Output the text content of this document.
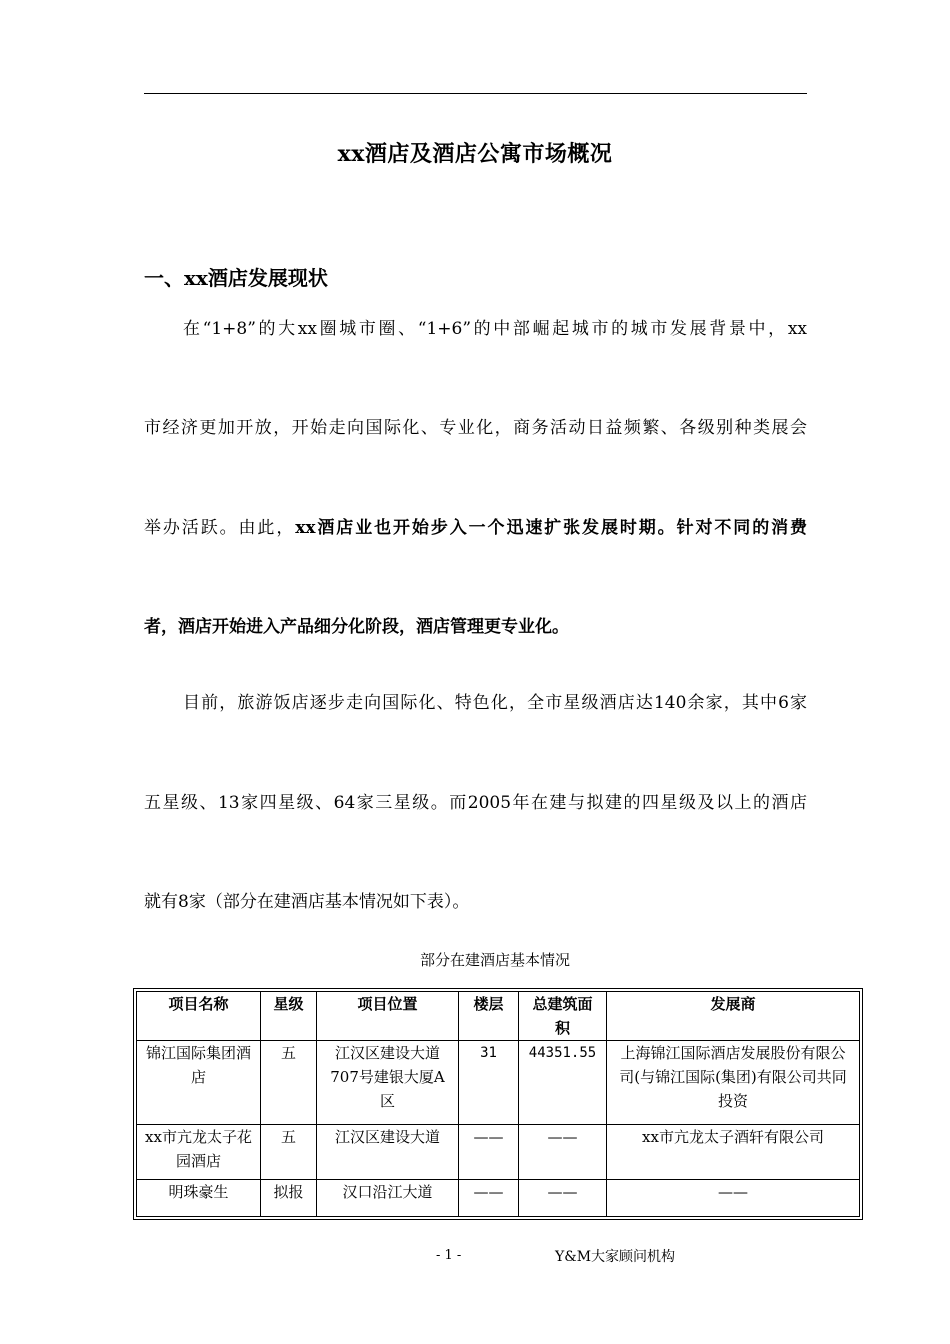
xx酒店及酒店公寓市场概况
一、xx酒店发展现状
在“1+8”的大xx圈城市圈、“1+6”的中部崛起城市的城市发展背景中，xx
市经济更加开放，开始走向国际化、专业化，商务活动日益频繁、各级别种类展会
举办活跃。由此，xx酒店业也开始步入一个迅速扩张发展时期。针对不同的消费
者，酒店开始进入产品细分化阶段，酒店管理更专业化。
目前，旅游饭店逐步走向国际化、特色化，全市星级酒店达140余家，其中6家
五星级、13家四星级、64家三星级。而2005年在建与拟建的四星级及以上的酒店
就有8家（部分在建酒店基本情况如下表）。
部分在建酒店基本情况
项目名称	星级	项目位置	楼层	总建筑面积	发展商
锦江国际集团酒店	五	江汉区建设大道707号建银大厦A区	31	44351.55	上海锦江国际酒店发展股份有限公司(与锦江国际(集团)有限公司共同投资
xx市亢龙太子花园酒店	五	江汉区建设大道	——	——	xx市亢龙太子酒轩有限公司
明珠豪生	拟报	汉口沿江大道	——	——	——
- 1 -	Y&M大家顾问机构
